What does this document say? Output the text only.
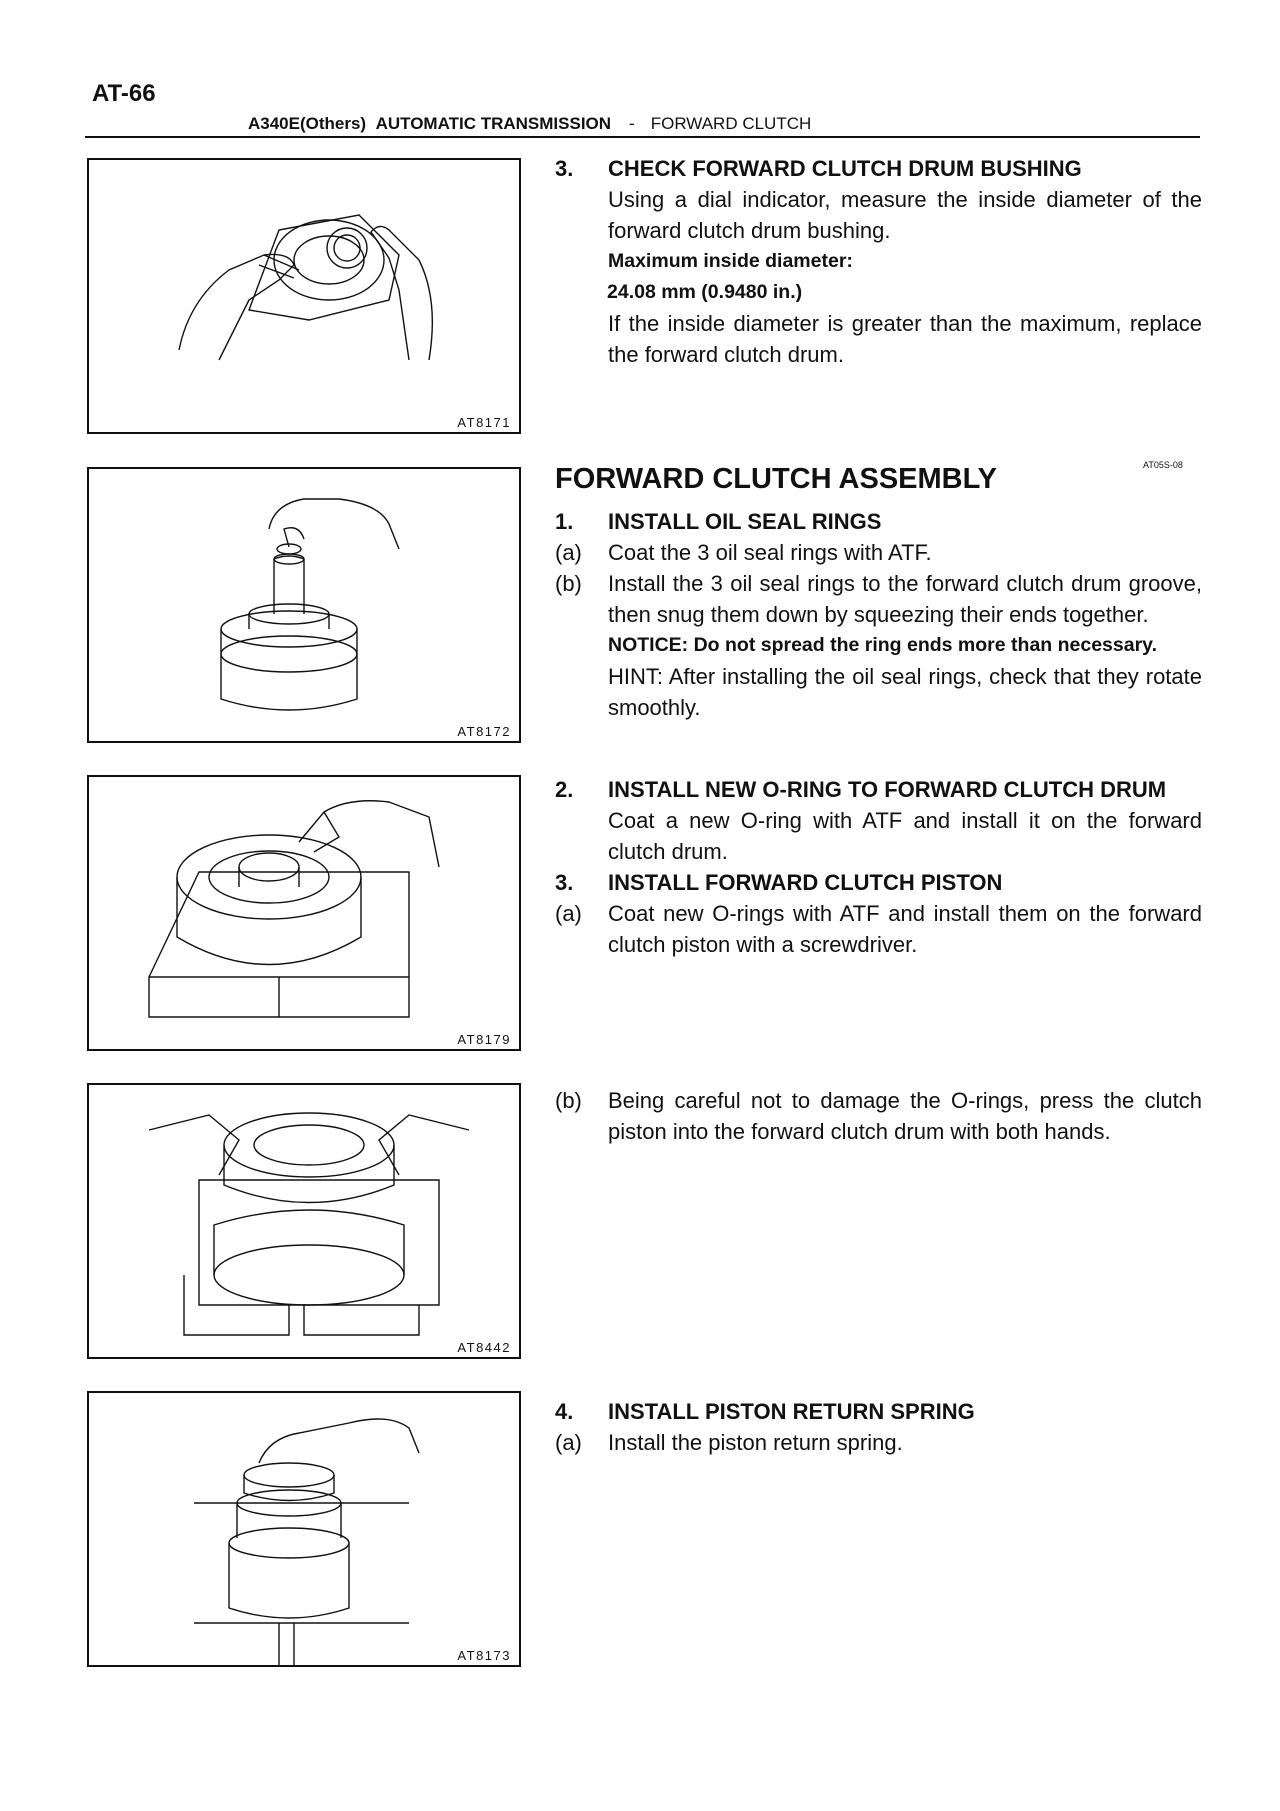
AT-66
A340E(Others) AUTOMATIC TRANSMISSION - FORWARD CLUTCH
AT8171
AT8172
AT8179
AT8442
AT8173
3. CHECK FORWARD CLUTCH DRUM BUSHING
Using a dial indicator, measure the inside diameter of the forward clutch drum bushing.
Maximum inside diameter:
24.08 mm (0.9480 in.)
If the inside diameter is greater than the maximum, replace the forward clutch drum.
FORWARD CLUTCH ASSEMBLY	AT05S-08
1. INSTALL OIL SEAL RINGS
(a) Coat the 3 oil seal rings with ATF.
(b) Install the 3 oil seal rings to the forward clutch drum groove, then snug them down by squeezing their ends together.
NOTICE: Do not spread the ring ends more than necessary.
HINT: After installing the oil seal rings, check that they rotate smoothly.
2. INSTALL NEW O-RING TO FORWARD CLUTCH DRUM
Coat a new O-ring with ATF and install it on the forward clutch drum.
3. INSTALL FORWARD CLUTCH PISTON
(a) Coat new O-rings with ATF and install them on the forward clutch piston with a screwdriver.
(b) Being careful not to damage the O-rings, press the clutch piston into the forward clutch drum with both hands.
4. INSTALL PISTON RETURN SPRING
(a) Install the piston return spring.
